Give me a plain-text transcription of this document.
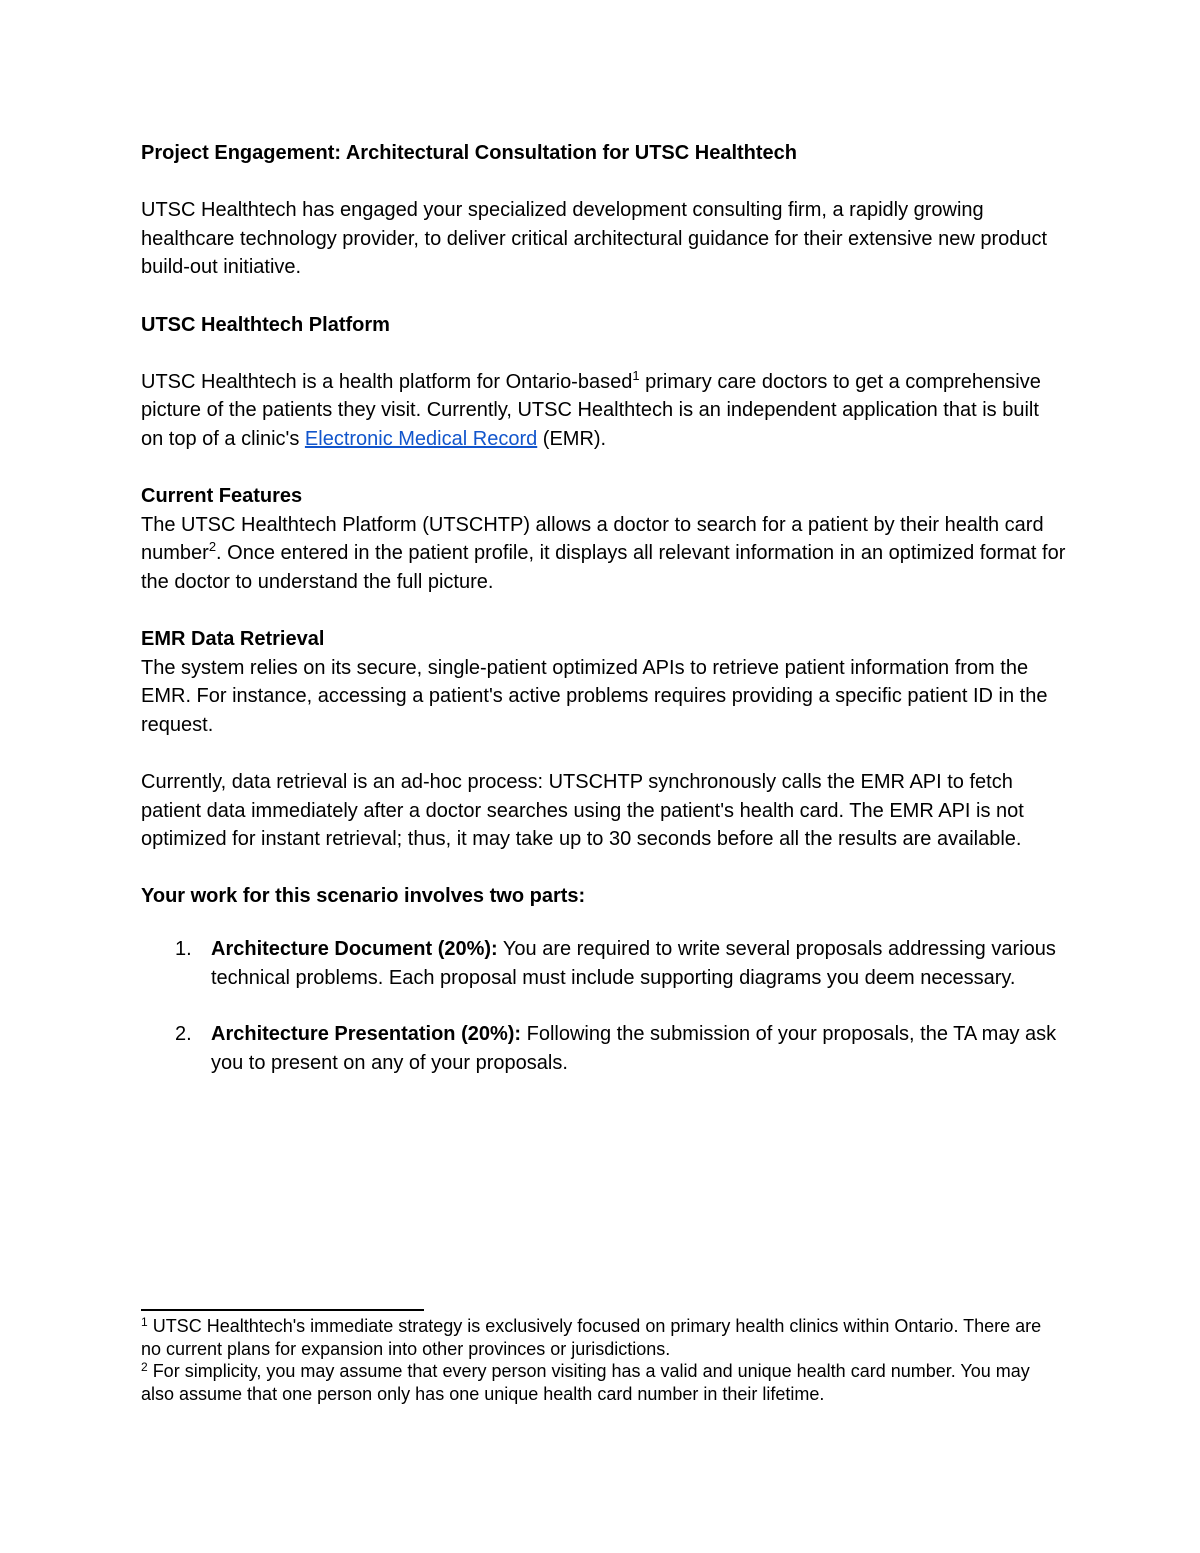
Project Engagement: Architectural Consultation for UTSC Healthtech

UTSC Healthtech has engaged your specialized development consulting firm, a rapidly growing healthcare technology provider, to deliver critical architectural guidance for their extensive new product build-out initiative.

UTSC Healthtech Platform

UTSC Healthtech is a health platform for Ontario-based$^1$ primary care doctors to get a comprehensive picture of the patients they visit. Currently, UTSC Healthtech is an independent application that is built on top of a clinic's Electronic Medical Record (EMR).

Current Features

The UTSC Healthtech Platform (UTSCHTP) allows a doctor to search for a patient by their health card number$^2$. Once entered in the patient profile, it displays all relevant information in an optimized format for the doctor to understand the full picture.

EMR Data Retrieval

The system relies on its secure, single-patient optimized APIs to retrieve patient information from the EMR. For instance, accessing a patient's active problems requires providing a specific patient ID in the request.

Currently, data retrieval is an ad-hoc process: UTSCHTP synchronously calls the EMR API to fetch patient data immediately after a doctor searches using the patient's health card. The EMR API is not optimized for instant retrieval; thus, it may take up to 30 seconds before all the results are available.

Your work for this scenario involves two parts:

1. Architecture Document (20%): You are required to write several proposals addressing various technical problems. Each proposal must include supporting diagrams you deem necessary.
2. Architecture Presentation (20%): Following the submission of your proposals, the TA may ask you to present on any of your proposals.

$^1$ UTSC Healthtech's immediate strategy is exclusively focused on primary health clinics within Ontario. There are no current plans for expansion into other provinces or jurisdictions.

$^2$ For simplicity, you may assume that every person visiting has a valid and unique health card number. You may also assume that one person only has one unique health card number in their lifetime.
